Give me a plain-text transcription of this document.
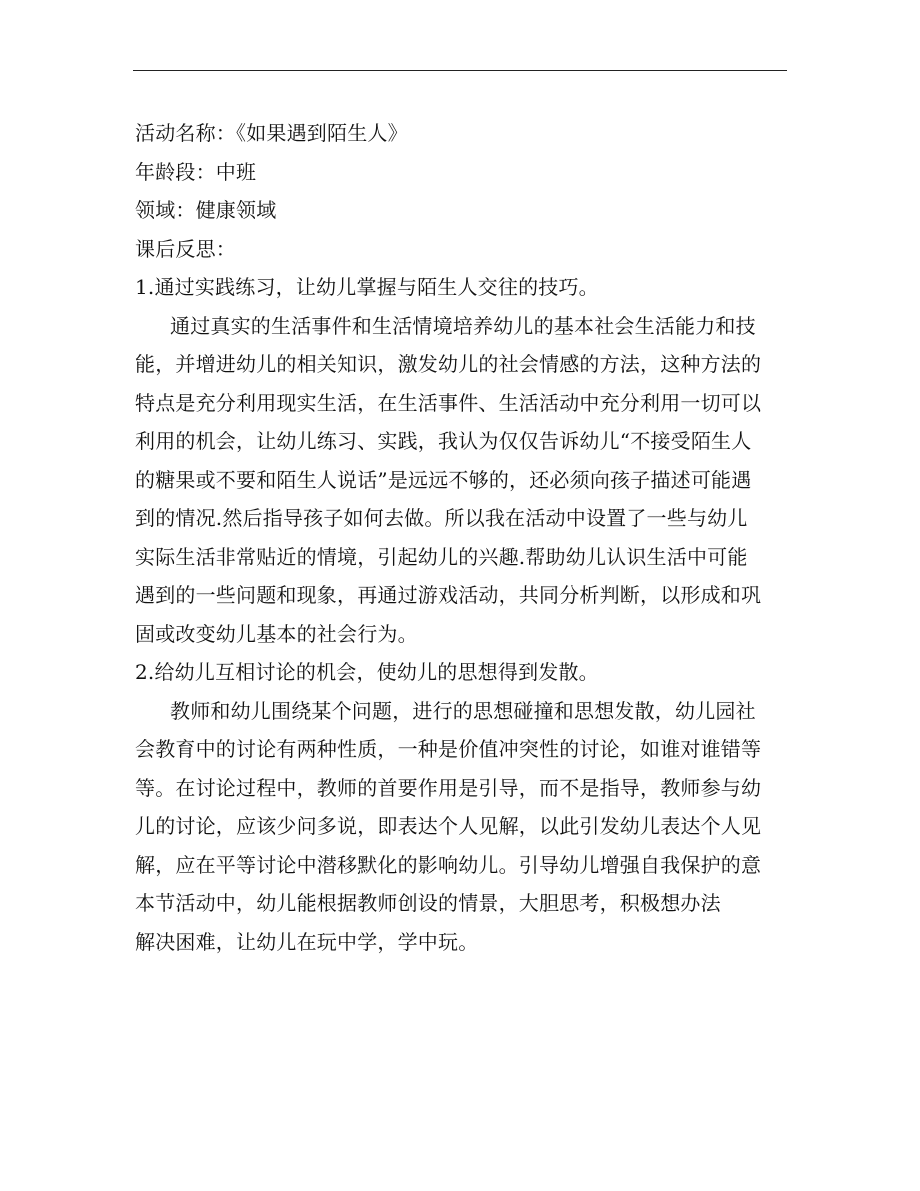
活动名称：《如果遇到陌生人》

年龄段：中班

领域：健康领域

课后反思：

1.通过实践练习，让幼儿掌握与陌生人交往的技巧。

通过真实的生活事件和生活情境培养幼儿的基本社会生活能力和技

能，并增进幼儿的相关知识，激发幼儿的社会情感的方法，这种方法的

特点是充分利用现实生活，在生活事件、生活活动中充分利用一切可以

利用的机会，让幼儿练习、实践，我认为仅仅告诉幼儿“不接受陌生人

的糖果或不要和陌生人说话”是远远不够的，还必须向孩子描述可能遇

到的情况.然后指导孩子如何去做。所以我在活动中设置了一些与幼儿

实际生活非常贴近的情境，引起幼儿的兴趣.帮助幼儿认识生活中可能

遇到的一些问题和现象，再通过游戏活动，共同分析判断，以形成和巩

固或改变幼儿基本的社会行为。

2.给幼儿互相讨论的机会，使幼儿的思想得到发散。

教师和幼儿围绕某个问题，进行的思想碰撞和思想发散，幼儿园社

会教育中的讨论有两种性质，一种是价值冲突性的讨论，如谁对谁错等

等。在讨论过程中，教师的首要作用是引导，而不是指导，教师参与幼

儿的讨论，应该少问多说，即表达个人见解，以此引发幼儿表达个人见

解，应在平等讨论中潜移默化的影响幼儿。引导幼儿增强自我保护的意

本节活动中，幼儿能根据教师创设的情景，大胆思考，积极想办法

解决困难，让幼儿在玩中学，学中玩。
